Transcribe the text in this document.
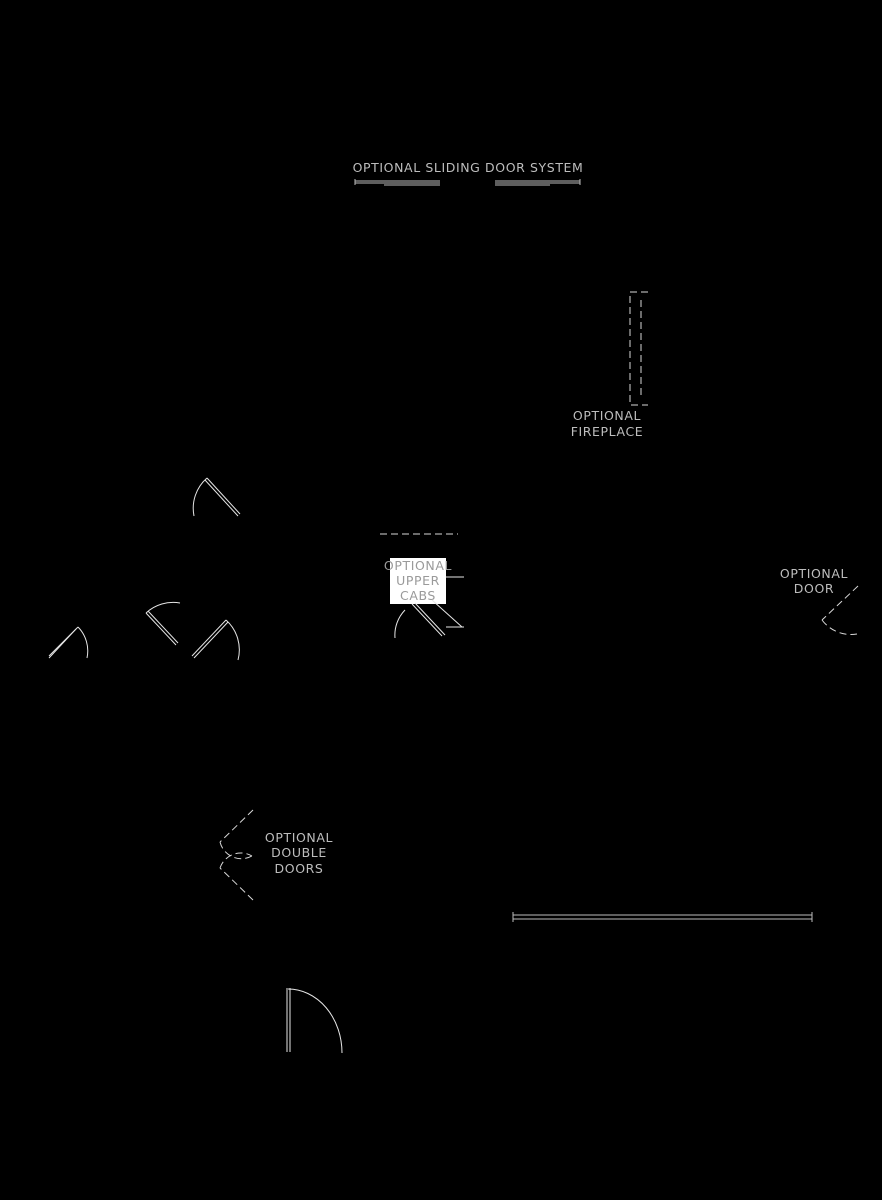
OPTIONAL SLIDING DOOR SYSTEM
OPTIONAL
FIREPLACE
OPTIONAL
UPPER
CABS
OPTIONAL
DOOR
OPTIONAL
DOUBLE
DOORS
